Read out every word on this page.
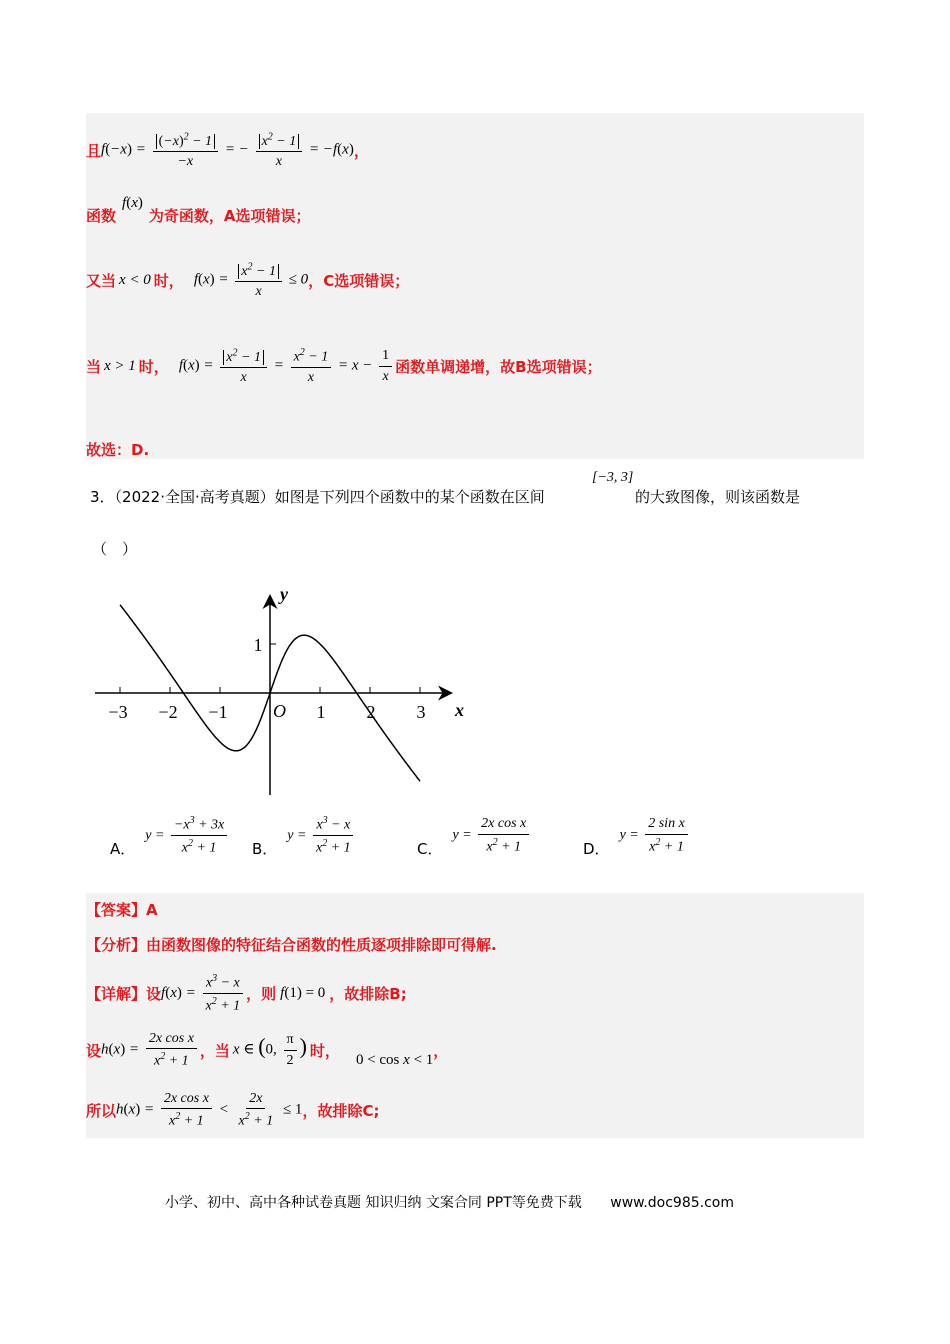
且 $f(-x) = \frac{(-x)^2 - 1}{-x}$ = − $\frac{x^2 - 1}{x} = -f(x)$ ，
函数
f(x)
为奇函数，A选项错误；
又当 x < 0 时， $f(x) = \frac{x^2 - 1}{x} \le 0$ ，C选项错误；
当 x > 1 时， $f(x) = \frac{x^2 - 1}{x} = \frac{x^2 - 1}{x} = x - \frac{1}{x}$ 函数单调递增，故B选项错误；
故选：D.
3．（2022·全国·高考真题）如图是下列四个函数中的某个函数在区间
[−3, 3]
的大致图像，则该函数是
（　）
−3 −2 −1	1 2 3
1
O	x
y
A．
$y = \frac{-x^3 + 3x}{x^2 + 1}$ B．
$y = \frac{x^3 - x}{x^2 + 1}$	C．
$y = \frac{\text{2x cos x}}{x^2 + 1}$	D．
$y = \frac{\text{2 sin x}}{x^2 + 1}$
【答案】A
【分析】由函数图像的特征结合函数的性质逐项排除即可得解.
【详解】设 $f(x) = \frac{x^3 - x}{x^2 + 1}$ ，则 f(1) = 0 ，故排除B;
设 $h(x) = \frac{\text{2x cos x}}{x^2 + 1}$ ，当 x ∈ (0, $\frac{\pi}{2}$ ) 时， 0 < cos x < 1 ，
所以 $h(x) = \frac{\text{2x cos x}}{x^2 + 1} < \frac{2x}{x^2 + 1} \le 1$ ，故排除C;
小学、初中、高中各种试卷真题 知识归纳 文案合同 PPT等免费下载 www.doc985.com
